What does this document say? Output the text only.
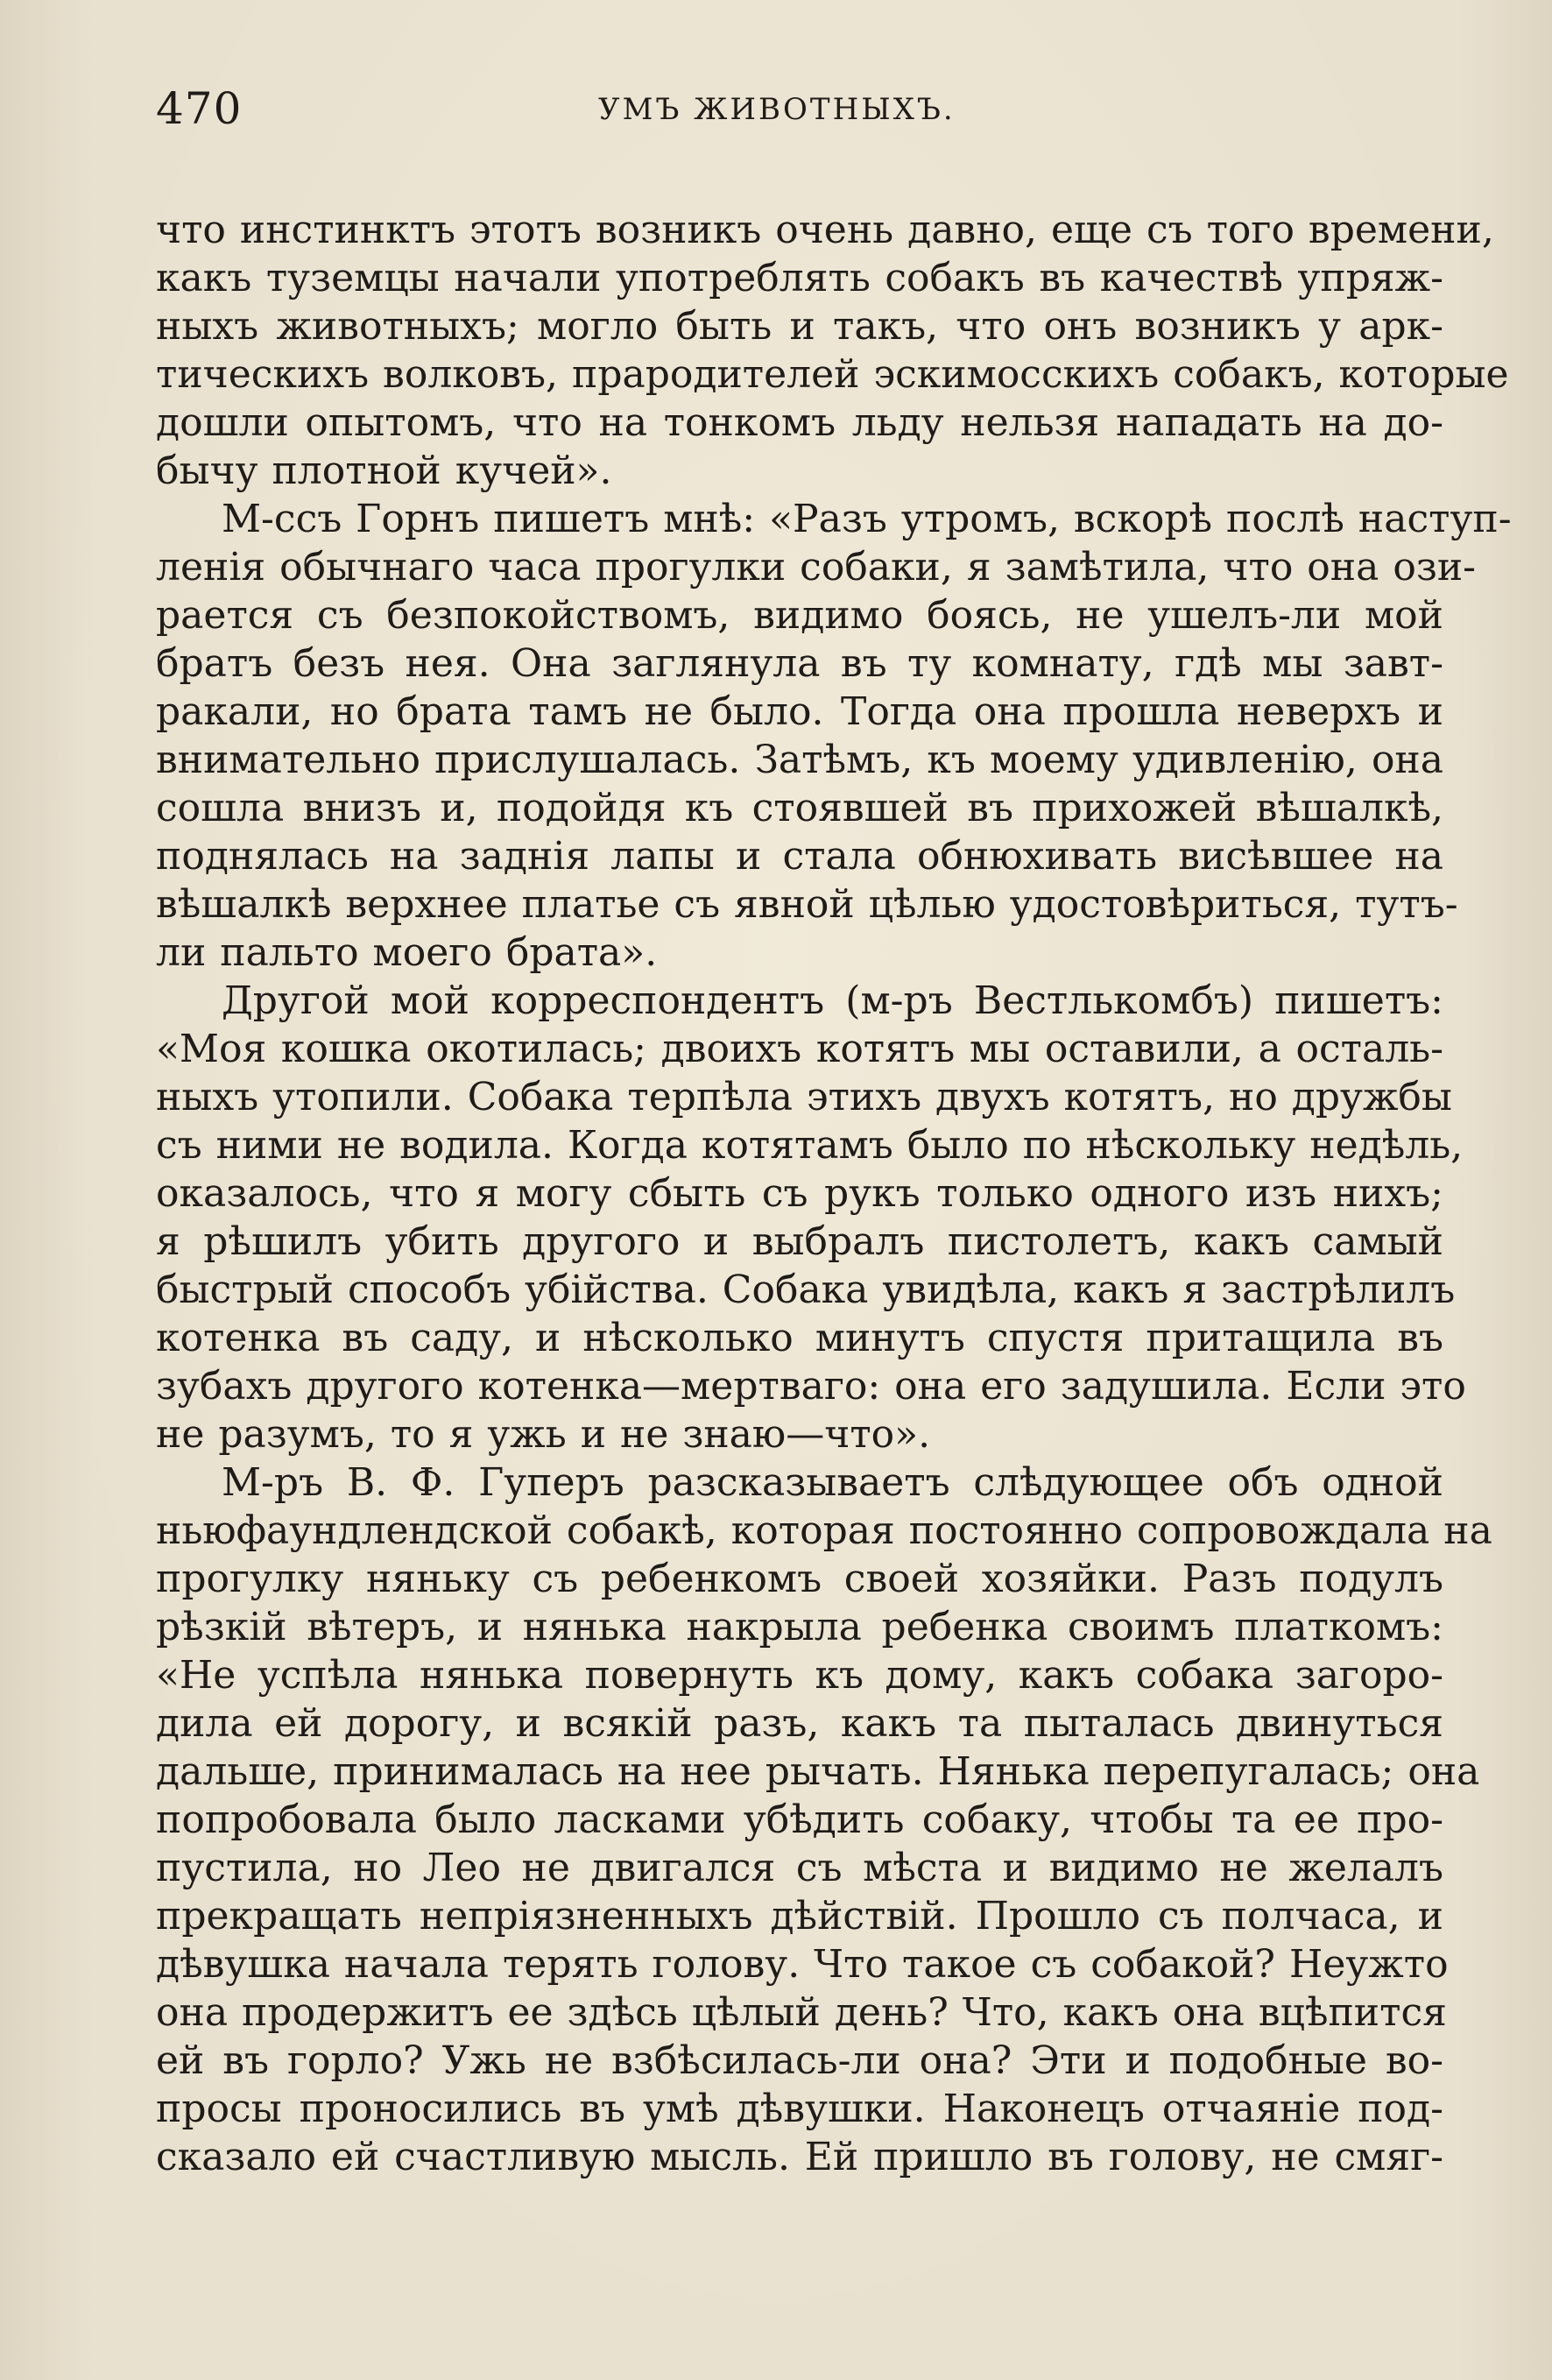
470	УМЪ ЖИВОТНЫХЪ.
что инстинктъ этотъ возникъ очень давно, еще съ того времени,
какъ туземцы начали употреблять собакъ въ качествѣ упряж-
ныхъ животныхъ; могло быть и такъ, что онъ возникъ у арк-
тическихъ волковъ, прародителей эскимосскихъ собакъ, которые
дошли опытомъ, что на тонкомъ льду нельзя нападать на до-
бычу плотной кучей».
М-ссъ Горнъ пишетъ мнѣ: «Разъ утромъ, вскорѣ послѣ наступ-
ленія обычнаго часа прогулки собаки, я замѣтила, что она ози-
рается съ безпокойствомъ, видимо боясь, не ушелъ-ли мой
братъ безъ нея. Она заглянула въ ту комнату, гдѣ мы завт-
ракали, но брата тамъ не было. Тогда она прошла неверхъ и
внимательно прислушалась. Затѣмъ, къ моему удивленію, она
сошла внизъ и, подойдя къ стоявшей въ прихожей вѣшалкѣ,
поднялась на заднія лапы и стала обнюхивать висѣвшее на
вѣшалкѣ верхнее платье съ явной цѣлью удостовѣриться, тутъ-
ли пальто моего брата».
Другой мой корреспондентъ (м-ръ Вестлькомбъ) пишетъ:
«Моя кошка окотилась; двоихъ котятъ мы оставили, а осталь-
ныхъ утопили. Собака терпѣла этихъ двухъ котятъ, но дружбы
съ ними не водила. Когда котятамъ было по нѣскольку недѣль,
оказалось, что я могу сбыть съ рукъ только одного изъ нихъ;
я рѣшилъ убить другого и выбралъ пистолетъ, какъ самый
быстрый способъ убійства. Собака увидѣла, какъ я застрѣлилъ
котенка въ саду, и нѣсколько минутъ спустя притащила въ
зубахъ другого котенка—мертваго: она его задушила. Если это
не разумъ, то я ужь и не знаю—что».
М-ръ В. Ф. Гуперъ разсказываетъ слѣдующее объ одной
ньюфаундлендской собакѣ, которая постоянно сопровождала на
прогулку няньку съ ребенкомъ своей хозяйки. Разъ подулъ
рѣзкій вѣтеръ, и нянька накрыла ребенка своимъ платкомъ:
«Не успѣла нянька повернуть къ дому, какъ собака загоро-
дила ей дорогу, и всякій разъ, какъ та пыталась двинуться
дальше, принималась на нее рычать. Нянька перепугалась; она
попробовала было ласками убѣдить собаку, чтобы та ее про-
пустила, но Лео не двигался съ мѣста и видимо не желалъ
прекращать непріязненныхъ дѣйствій. Прошло съ полчаса, и
дѣвушка начала терять голову. Что такое съ собакой? Неужто
она продержитъ ее здѣсь цѣлый день? Что, какъ она вцѣпится
ей въ горло? Ужь не взбѣсилась-ли она? Эти и подобные во-
просы проносились въ умѣ дѣвушки. Наконецъ отчаяніе под-
сказало ей счастливую мысль. Ей пришло въ голову, не смяг-
